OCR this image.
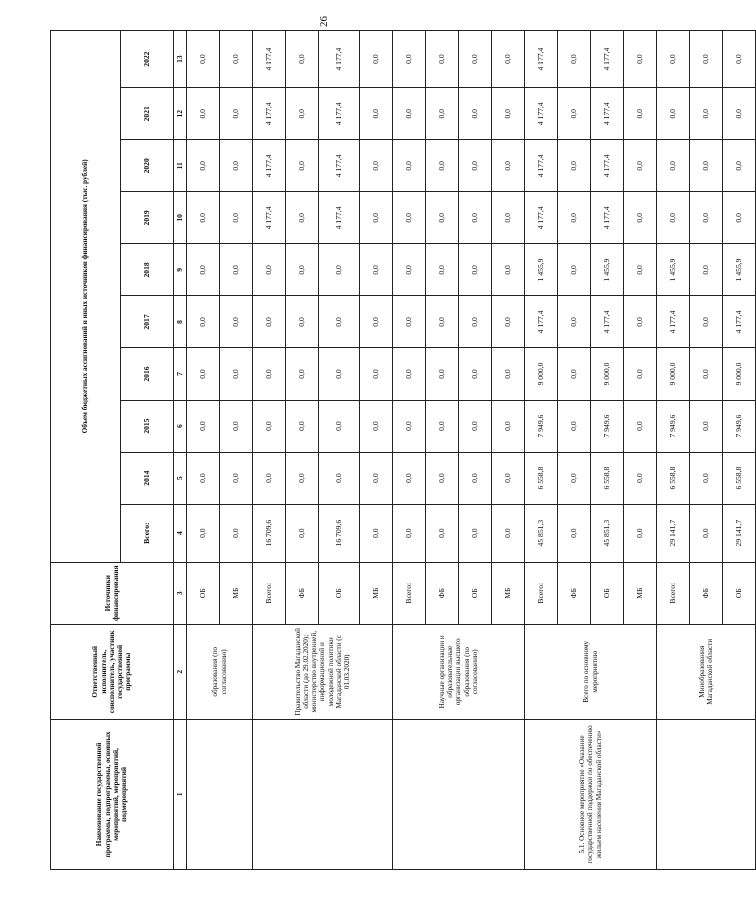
26
Наименование государственной программы, подпрограммы, основных мероприятий, мероприятий, подмероприятий	Ответственный исполнитель, соисполнитель, участник государственной программы	Источники финансирования	Объем бюджетных ассигнований и иных источников финансирования (тыс. рублей)									
			Всего:	2014	2015	2016	2017	2018	2019	2020	2021	2022
1	2	3	4	5	6	7	8	9	10	11	12	13
	образования (по согласованию)	ОБ	0,0	0,0	0,0	0,0	0,0	0,0	0,0	0,0	0,0	0,0
		МБ	0,0	0,0	0,0	0,0	0,0	0,0	0,0	0,0	0,0	0,0
	Правительство Магаданской области (до 29.02.2020); министерство внутренней, информационной и молодежной политики Магаданской области (с 01.03.2020)	Всего:	16 709,6	0,0	0,0	0,0	0,0	0,0	4 177,4	4 177,4	4 177,4	4 177,4
		ФБ	0,0	0,0	0,0	0,0	0,0	0,0	0,0	0,0	0,0	0,0
		ОБ	16 709,6	0,0	0,0	0,0	0,0	0,0	4 177,4	4 177,4	4 177,4	4 177,4
		МБ	0,0	0,0	0,0	0,0	0,0	0,0	0,0	0,0	0,0	0,0
	Научные организации и образовательные организации высшего образования (по согласованию)	Всего:	0,0	0,0	0,0	0,0	0,0	0,0	0,0	0,0	0,0	0,0
		ФБ	0,0	0,0	0,0	0,0	0,0	0,0	0,0	0,0	0,0	0,0
		ОБ	0,0	0,0	0,0	0,0	0,0	0,0	0,0	0,0	0,0	0,0
		МБ	0,0	0,0	0,0	0,0	0,0	0,0	0,0	0,0	0,0	0,0
5.1. Основное мероприятие «Оказание государственной поддержки по обеспечению жильем населения Магаданской области»	Всего по основному мероприятию	Всего:	45 851,3	6 558,8	7 949,6	9 000,0	4 177,4	1 455,9	4 177,4	4 177,4	4 177,4	4 177,4
		ФБ	0,0	0,0	0,0	0,0	0,0	0,0	0,0	0,0	0,0	0,0
		ОБ	45 851,3	6 558,8	7 949,6	9 000,0	4 177,4	1 455,9	4 177,4	4 177,4	4 177,4	4 177,4
		МБ	0,0	0,0	0,0	0,0	0,0	0,0	0,0	0,0	0,0	0,0
	Минобразования Магаданской области	Всего:	29 141,7	6 558,8	7 949,6	9 000,0	4 177,4	1 455,9	0,0	0,0	0,0	0,0
		ФБ	0,0	0,0	0,0	0,0	0,0	0,0	0,0	0,0	0,0	0,0
		ОБ	29 141,7	6 558,8	7 949,6	9 000,0	4 177,4	1 455,9	0,0	0,0	0,0	0,0
